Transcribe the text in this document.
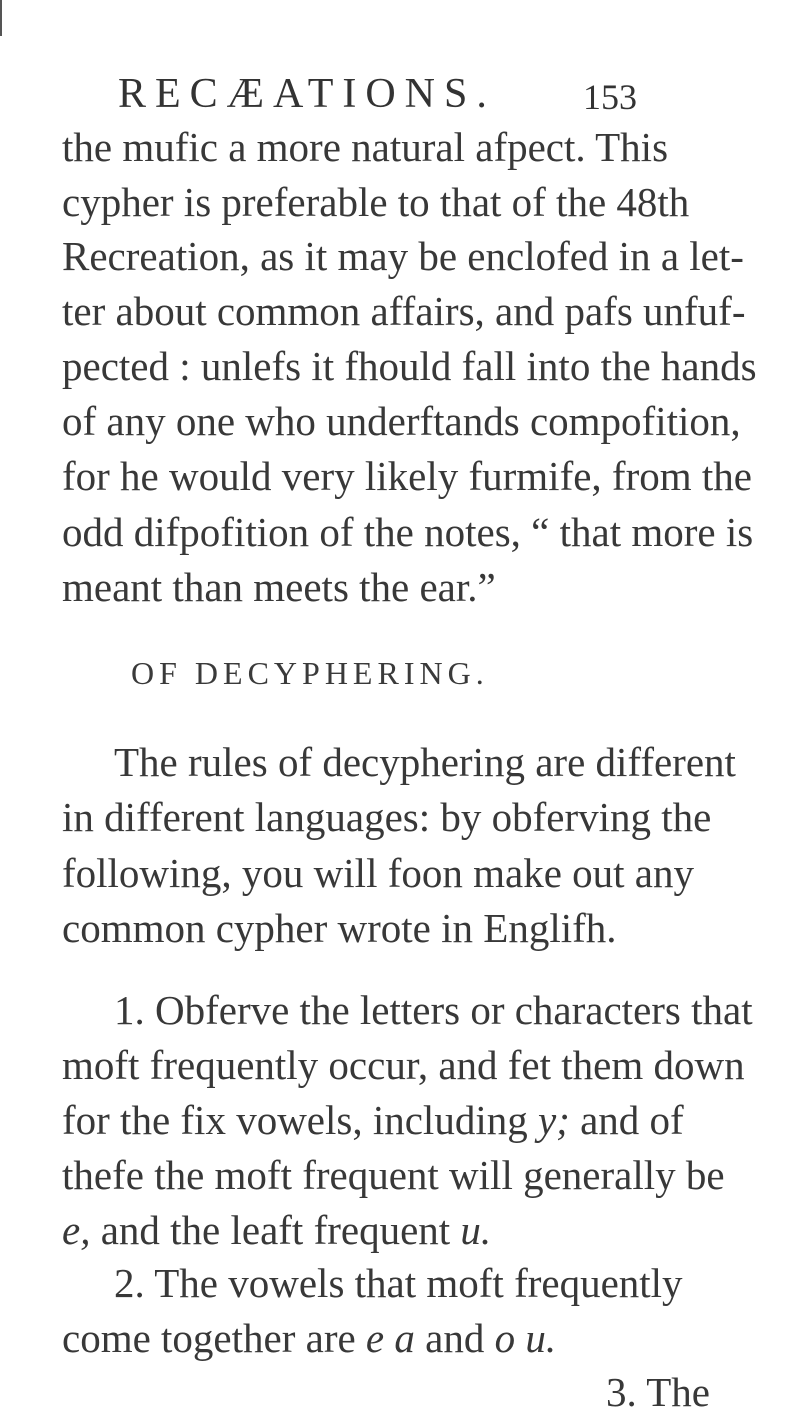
RECÆATIONS. 153
the mufic a more natural afpect. This
cypher is preferable to that of the 48th
Recreation, as it may be enclofed in a let-
ter about common affairs, and pafs unfuf-
pected : unlefs it fhould fall into the hands
of any one who underftands compofition,
for he would very likely furmife, from the
odd difpofition of the notes, “ that more is
meant than meets the ear.”
OF DECYPHERING.
The rules of decyphering are different
in different languages: by obferving the
following, you will foon make out any
common cypher wrote in Englifh.
1. Obferve the letters or characters that
moft frequently occur, and fet them down
for the fix vowels, including y; and of
thefe the moft frequent will generally be
e, and the leaft frequent u.
2. The vowels that moft frequently
come together are e a and o u.
3. The
